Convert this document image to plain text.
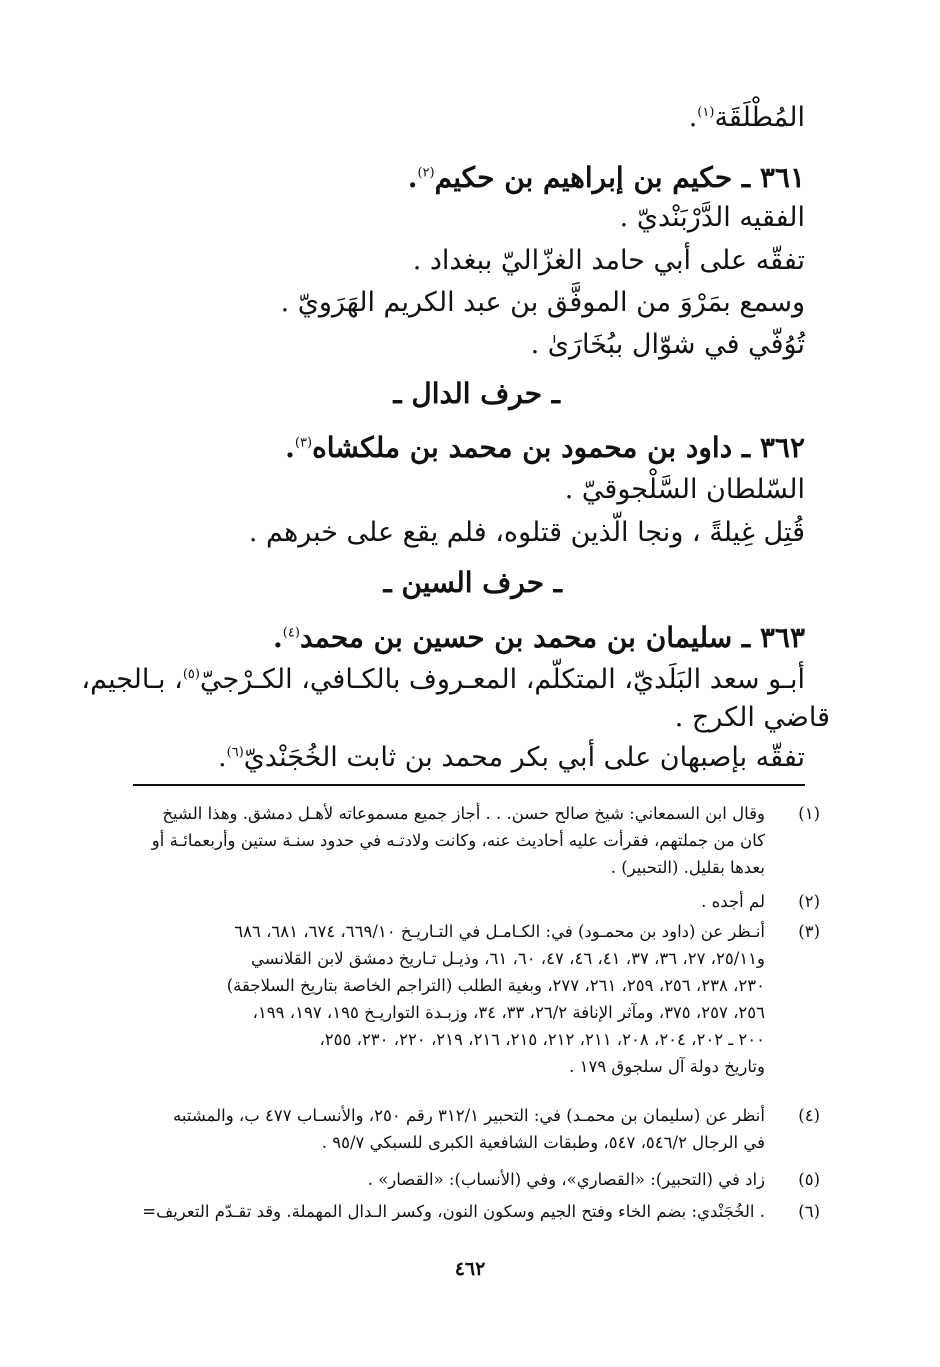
المُطْلَقَة$^{(١)}$.
٣٦١ ـ حكيم بن إبراهيم بن حكيم$^{(٢)}$.
الفقيه الدَّرْبَنْديّ .
تفقّه على أبي حامد الغزّاليّ ببغداد .
وسمع بمَرْوَ من الموفَّق بن عبد الكريم الهَرَويّ .
تُوُفّي في شوّال ببُخَارَىٰ .
ـ حرف الدال ـ
٣٦٢ ـ داود بن محمود بن محمد بن ملكشاه$^{(٣)}$.
السّلطان السَّلْجوقيّ .
قُتِل غِيلةً ، ونجا الّذين قتلوه، فلم يقع على خبرهم .
ـ حرف السين ـ
٣٦٣ ـ سليمان بن محمد بن حسين بن محمد$^{(٤)}$.
أبـو سعد البَلَديّ، المتكلّم، المعـروف بالكـافي، الكـرْجيّ$^{(٥)}$، بـالجيم،
قاضي الكرج .
تفقّه بإصبهان على أبي بكر محمد بن ثابت الخُجَنْديّ$^{(٦)}$.
(١)

وقال ابن السمعاني: شيخ صالح حسن. . . أجاز جميع مسموعاته لأهـل دمشق. وهذا الشيخ

كان من جملتهم، فقرأت عليه أحاديث عنه، وكانت ولادتـه في حدود سنـة ستين وأربعمائـة أو

بعدها بقليل. (التحبير) .

(٢)

لم أجده .

(٣)

أنـظر عن (داود بن محمـود) في: الكـامـل في التـاريـخ ٦٦٩/١٠، ٦٧٤، ٦٨١، ٦٨٦

و٢٥/١١، ٢٧، ٣٦، ٣٧، ٤١، ٤٦، ٤٧، ٦٠، ٦١، وذيـل تـاريخ دمشق لابن القلانسي

٢٣٠، ٢٣٨، ٢٥٦، ٢٥٩، ٢٦١، ٢٧٧، وبغية الطلب (التراجم الخاصة بتاريخ السلاجقة)

٢٥٦، ٢٥٧، ٣٧٥، ومآثر الإنافة ٢٦/٢، ٣٣، ٣٤، وزبـدة التواريـخ ١٩٥، ١٩٧، ١٩٩،

٢٠٠ ـ ٢٠٢، ٢٠٤، ٢٠٨، ٢١١، ٢١٢، ٢١٥، ٢١٦، ٢١٩، ٢٢٠، ٢٣٠، ٢٥٥،

وتاريخ دولة آل سلجوق ١٧٩ .

(٤)

أنظر عن (سليمان بن محمـد) في: التحبير ٣١٢/١ رقم ٢٥٠، والأنسـاب ٤٧٧ ب، والمشتبه

في الرجال ٥٤٦/٢، ٥٤٧، وطبقات الشافعية الكبرى للسبكي ٩٥/٧ .

(٥)

زاد في (التحبير): «القصاري»، وفي (الأنساب): «القصار» .

(٦)

. الخُجَنْدي: بضم الخاء وفتح الجيم وسكون النون، وكسر الـدال المهملة. وقد تقـدّم التعريف=

٤٦٢
